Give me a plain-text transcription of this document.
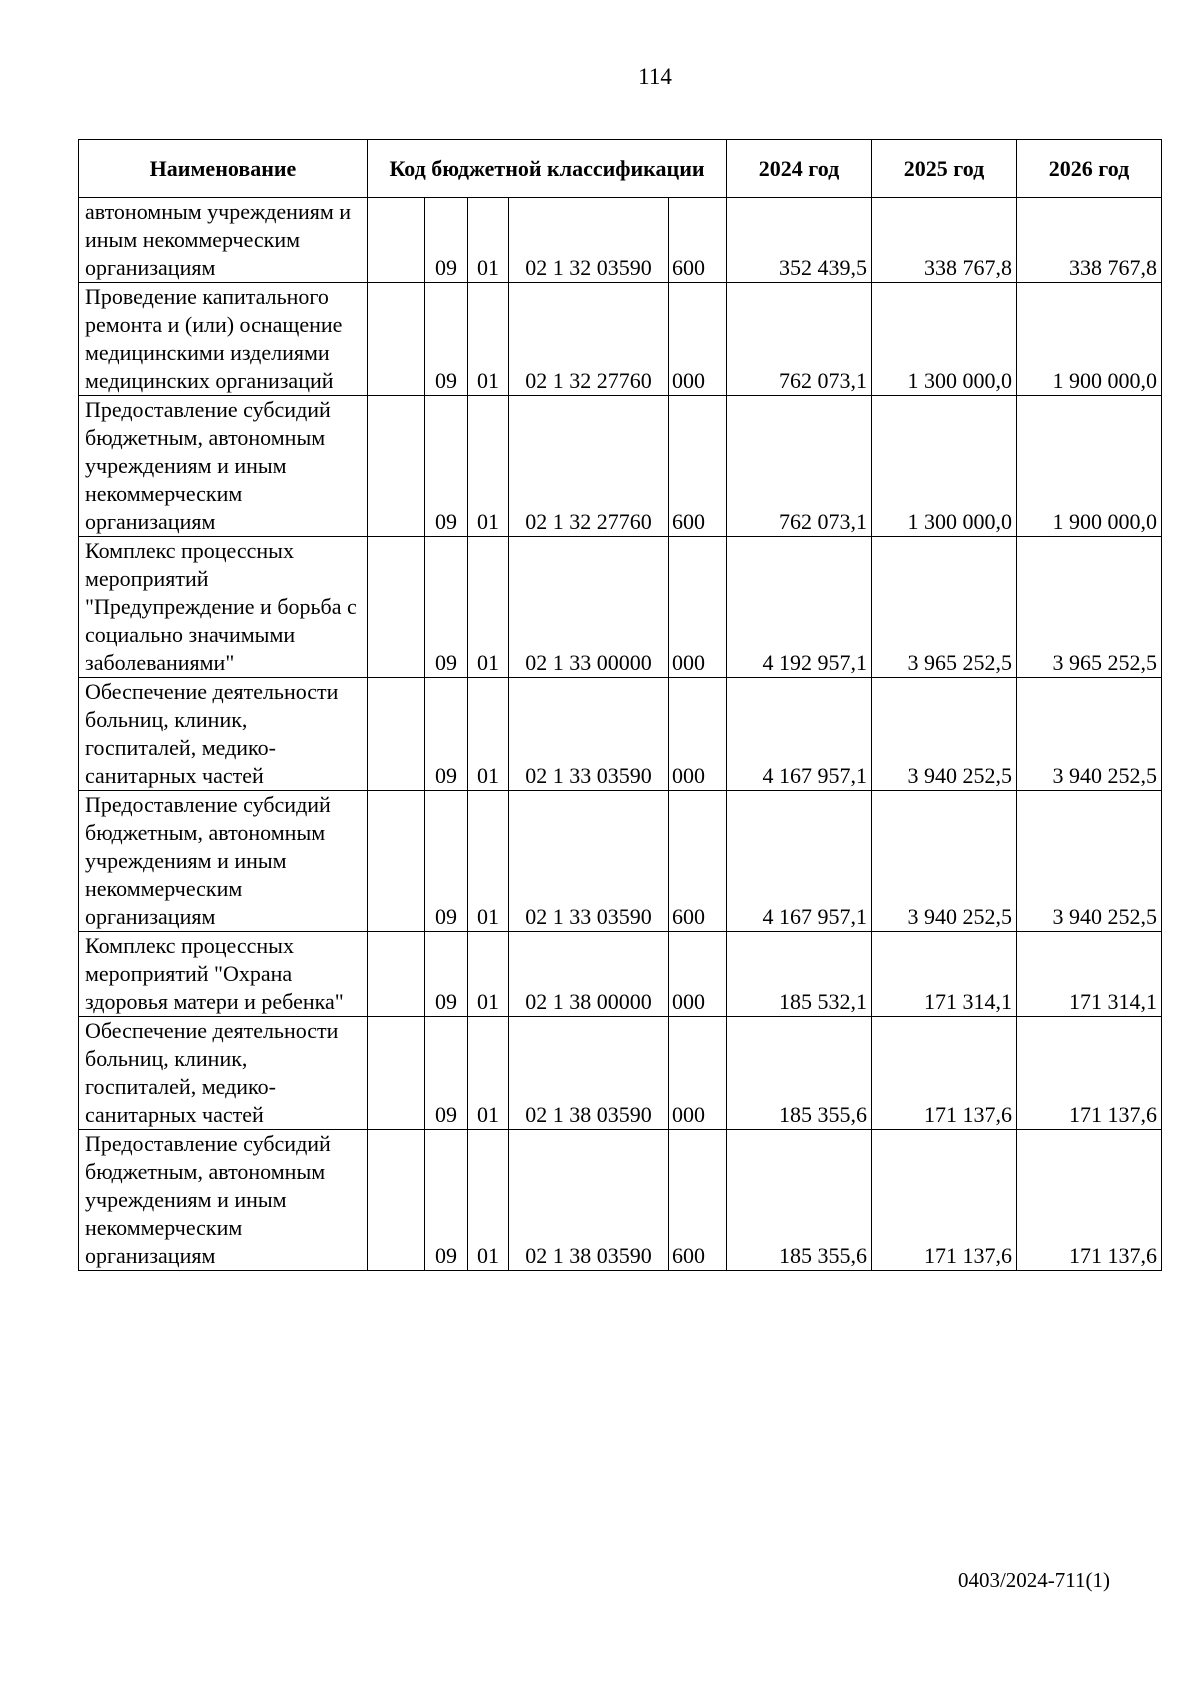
114
Наименование	Код бюджетной классификации					2024 год	2025 год	2026 год
автономным учреждениям и иным некоммерческим организациям		09	01	02 1 32 03590	600	352 439,5	338 767,8	338 767,8
Проведение капитального ремонта и (или) оснащение медицинскими изделиями медицинских организаций		09	01	02 1 32 27760	000	762 073,1	1 300 000,0	1 900 000,0
Предоставление субсидий бюджетным, автономным учреждениям и иным некоммерческим организациям		09	01	02 1 32 27760	600	762 073,1	1 300 000,0	1 900 000,0
Комплекс процессных мероприятий "Предупреждение и борьба с социально значимыми заболеваниями"		09	01	02 1 33 00000	000	4 192 957,1	3 965 252,5	3 965 252,5
Обеспечение деятельности больниц, клиник, госпиталей, медико-санитарных частей		09	01	02 1 33 03590	000	4 167 957,1	3 940 252,5	3 940 252,5
Предоставление субсидий бюджетным, автономным учреждениям и иным некоммерческим организациям		09	01	02 1 33 03590	600	4 167 957,1	3 940 252,5	3 940 252,5
Комплекс процессных мероприятий "Охрана здоровья матери и ребенка"		09	01	02 1 38 00000	000	185 532,1	171 314,1	171 314,1
Обеспечение деятельности больниц, клиник, госпиталей, медико-санитарных частей		09	01	02 1 38 03590	000	185 355,6	171 137,6	171 137,6
Предоставление субсидий бюджетным, автономным учреждениям и иным некоммерческим организациям		09	01	02 1 38 03590	600	185 355,6	171 137,6	171 137,6
0403/2024-711(1)
